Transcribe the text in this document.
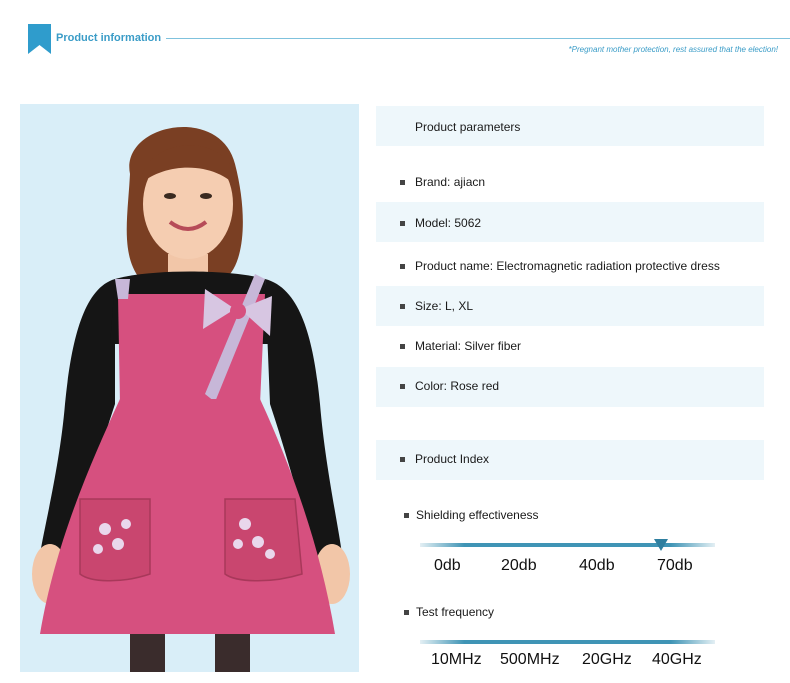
Product information
*Pregnant mother protection, rest assured that the election!
Product parameters
Brand: ajiacn
Model: 5062
Product name: Electromagnetic radiation protective dress
Size: L, XL
Material: Silver fiber
Color: Rose red
Product Index
Shielding effectiveness
0db	20db	40db	70db
Test frequency
10MHz 500MHz 20GHz 40GHz
